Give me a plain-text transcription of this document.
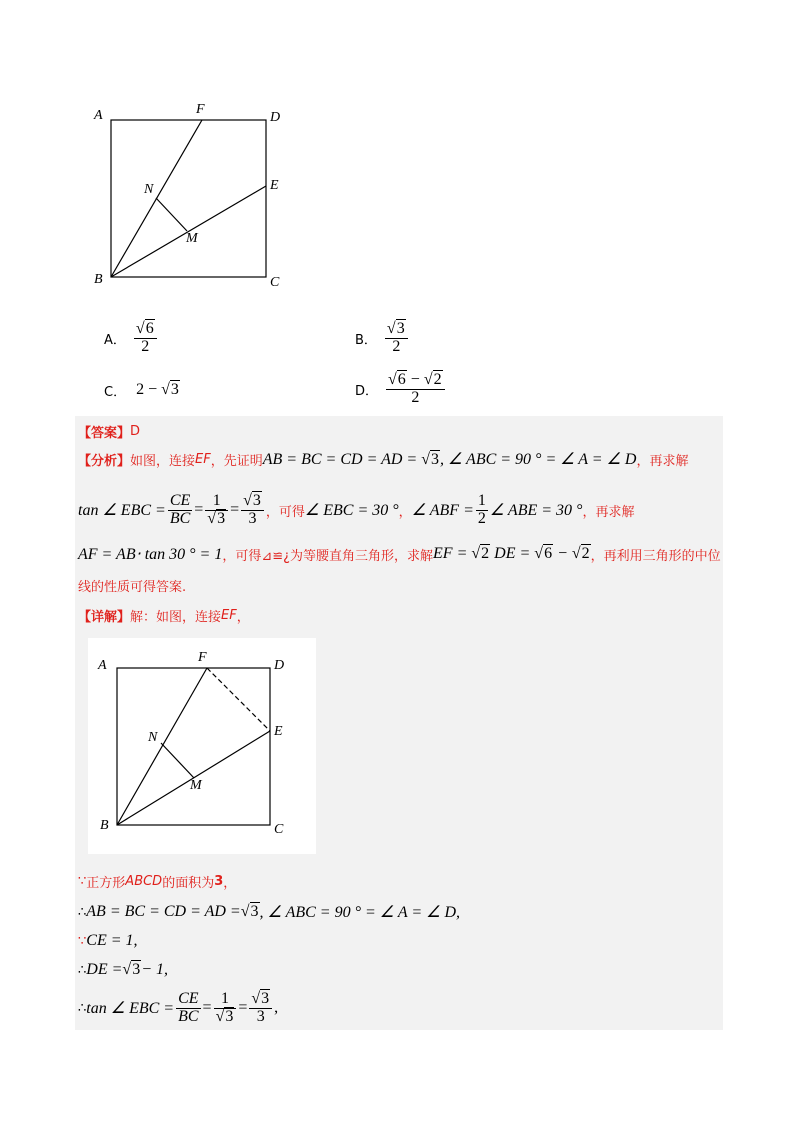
A	F
D
E
N
M
B	C
A． $\frac{√6}{2}$	B． $\frac{√3}{2}$
C． 2 − √3	D． $\frac{√6 - √2}{2}$
【答案】 D
【分析】 如图，连接 EF ，先证明 AB = BC = CD = AD = √3, ∠ ABC = 90 ° = ∠ A = ∠ D ，再求解
tan ∠ EBC = $\frac{CE}{BC} = \frac{1}{√3} = \frac{√3}{3}$ ，可得 ∠ EBC = 30 ° ， ∠ ABF = $\frac{1}{2}$ ∠ ABE = 30 ° ，再求解
AF = AB⋅ tan 30 ° = 1 ，可得 ⊿≌¿为等腰直角三角形，求解 EF = √2 DE = √6 − √2 ，再利用三角形的中位
线的性质可得答案.
【详解】 解：如图，连接 EF ，
A
F
D
E
N
M
B	C
∵ 正方形 ABCD 的面积为 3 ，
∴ AB = BC = CD = AD = √3 , ∠ ABC = 90 ° = ∠ A = ∠ D,
∵ CE = 1,
∴ DE = √3 − 1,
∴ tan ∠ EBC = $\frac{CE}{BC} = \frac{1}{√3} = \frac{√3}{3}$ ,
